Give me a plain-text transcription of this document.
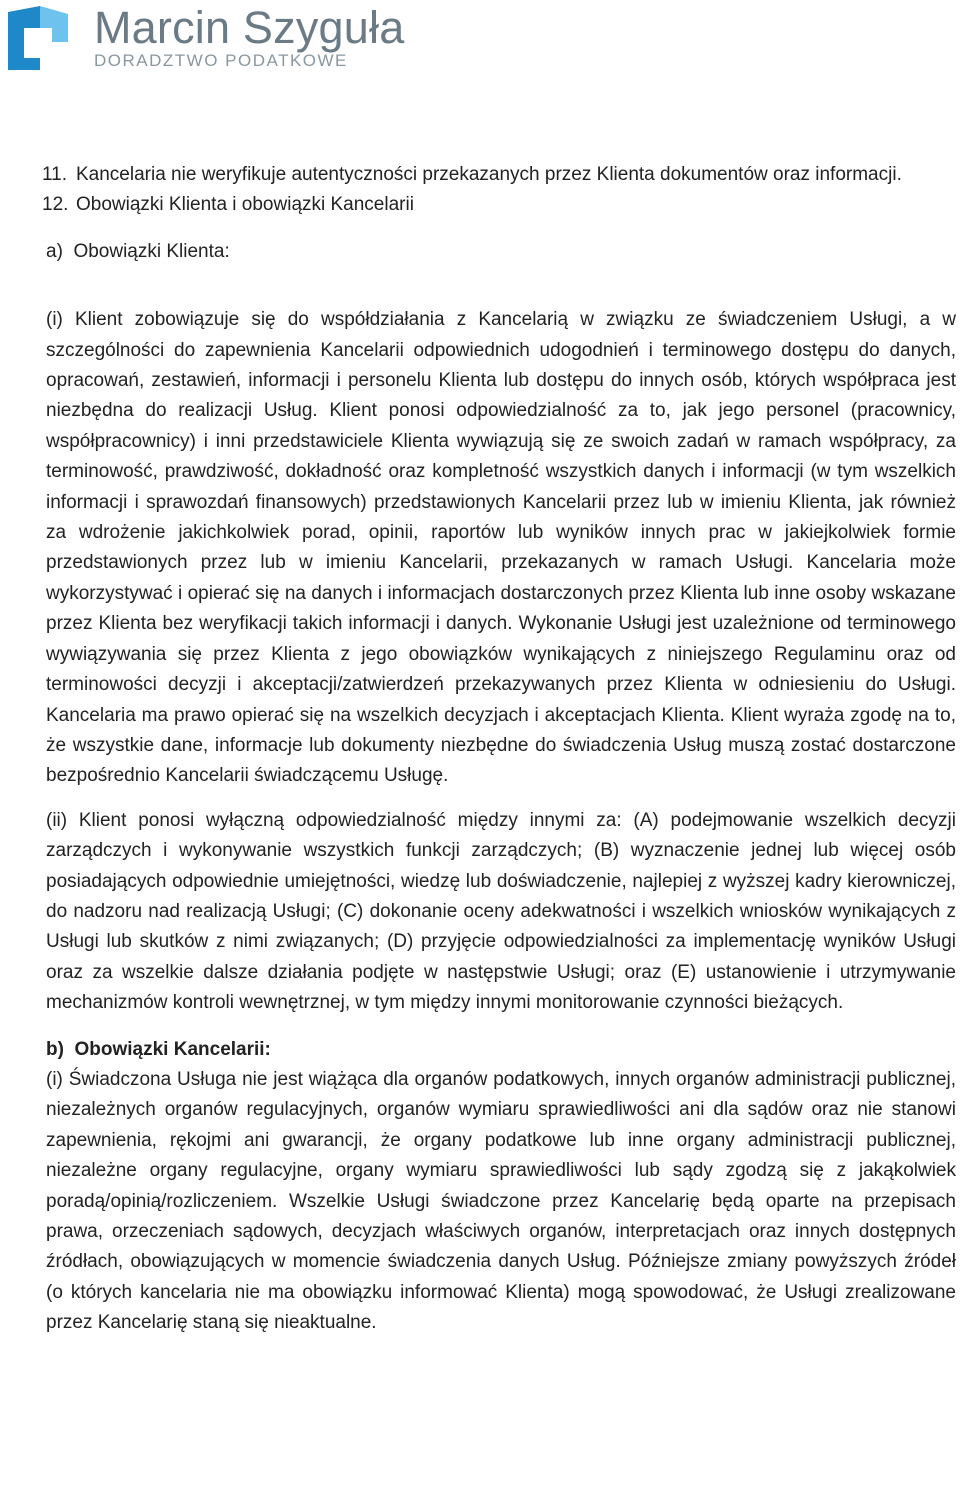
Marcin Szyguła
DORADZTWO PODATKOWE
11. Kancelaria nie weryfikuje autentyczności przekazanych przez Klienta dokumentów oraz informacji.
12. Obowiązki Klienta i obowiązki Kancelarii

a)  Obowiązki Klienta:

(i) Klient zobowiązuje się do współdziałania z Kancelarią w związku ze świadczeniem Usługi, a w szczególności do zapewnienia Kancelarii odpowiednich udogodnień i terminowego dostępu do danych, opracowań, zestawień, informacji i personelu Klienta lub dostępu do innych osób, których współpraca jest niezbędna do realizacji Usług. Klient ponosi odpowiedzialność za to, jak jego personel (pracownicy, współpracownicy) i inni przedstawiciele Klienta wywiązują się ze swoich zadań w ramach współpracy, za terminowość, prawdziwość, dokładność oraz kompletność wszystkich danych i informacji (w tym wszelkich informacji i sprawozdań finansowych) przedstawionych Kancelarii przez lub w imieniu Klienta, jak również za wdrożenie jakichkolwiek porad, opinii, raportów lub wyników innych prac w jakiejkolwiek formie przedstawionych przez lub w imieniu Kancelarii, przekazanych w ramach Usługi. Kancelaria może wykorzystywać i opierać się na danych i informacjach dostarczonych przez Klienta lub inne osoby wskazane przez Klienta bez weryfikacji takich informacji i danych. Wykonanie Usługi jest uzależnione od terminowego wywiązywania się przez Klienta z jego obowiązków wynikających z niniejszego Regulaminu oraz od terminowości decyzji i akceptacji/zatwierdzeń przekazywanych przez Klienta w odniesieniu do Usługi. Kancelaria ma prawo opierać się na wszelkich decyzjach i akceptacjach Klienta. Klient wyraża zgodę na to, że wszystkie dane, informacje lub dokumenty niezbędne do świadczenia Usług muszą zostać dostarczone bezpośrednio Kancelarii świadczącemu Usługę.

(ii) Klient ponosi wyłączną odpowiedzialność między innymi za: (A) podejmowanie wszelkich decyzji zarządczych i wykonywanie wszystkich funkcji zarządczych; (B) wyznaczenie jednej lub więcej osób posiadających odpowiednie umiejętności, wiedzę lub doświadczenie, najlepiej z wyższej kadry kierowniczej, do nadzoru nad realizacją Usługi; (C) dokonanie oceny adekwatności i wszelkich wniosków wynikających z Usługi lub skutków z nimi związanych; (D) przyjęcie odpowiedzialności za implementację wyników Usługi oraz za wszelkie dalsze działania podjęte w następstwie Usługi; oraz (E) ustanowienie i utrzymywanie mechanizmów kontroli wewnętrznej, w tym między innymi monitorowanie czynności bieżących.

b)  Obowiązki Kancelarii:

(i) Świadczona Usługa nie jest wiążąca dla organów podatkowych, innych organów administracji publicznej, niezależnych organów regulacyjnych, organów wymiaru sprawiedliwości ani dla sądów oraz nie stanowi zapewnienia, rękojmi ani gwarancji, że organy podatkowe lub inne organy administracji publicznej, niezależne organy regulacyjne, organy wymiaru sprawiedliwości lub sądy zgodzą się z jakąkolwiek poradą/opinią/rozliczeniem. Wszelkie Usługi świadczone przez Kancelarię będą oparte na przepisach prawa, orzeczeniach sądowych, decyzjach właściwych organów, interpretacjach oraz innych dostępnych źródłach, obowiązujących w momencie świadczenia danych Usług. Późniejsze zmiany powyższych źródeł (o których kancelaria nie ma obowiązku informować Klienta) mogą spowodować, że Usługi zrealizowane przez Kancelarię staną się nieaktualne.
